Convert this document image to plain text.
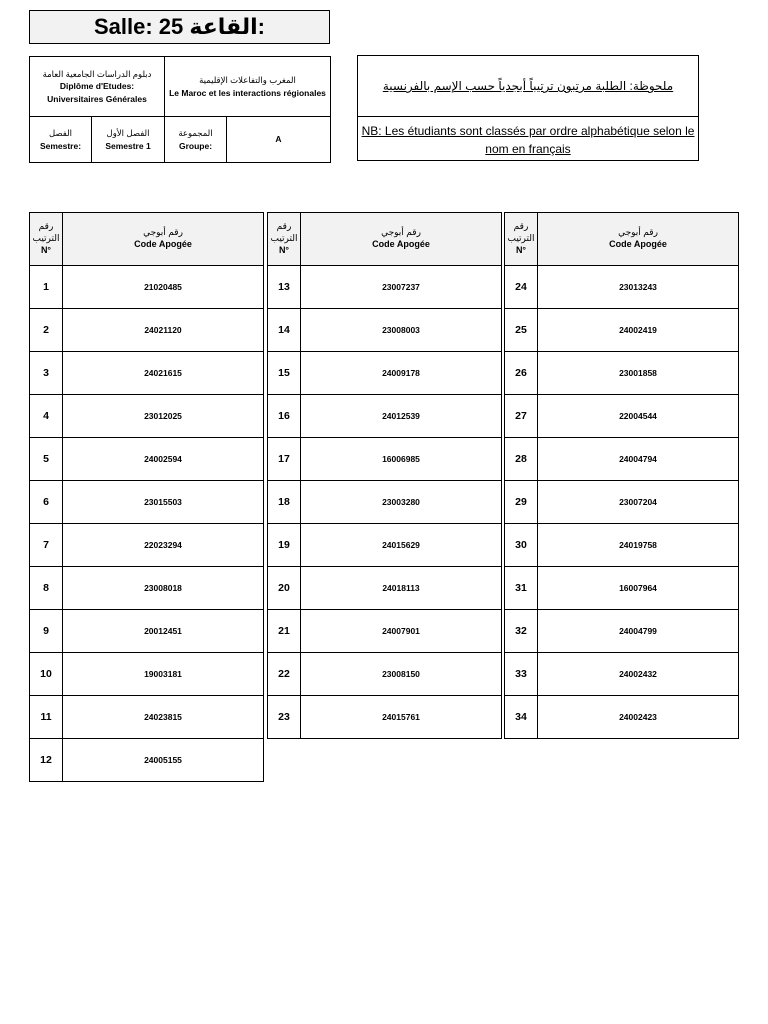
Salle: 25 القاعة:
دبلوم الدراسات الجامعية العامة
Diplôme d'Etudes: Universitaires Générales		المغرب والتفاعلات الإقليمية
Le Maroc et les interactions régionales	

الفصل
Semestre:	الفصل الأول
Semestre 1	المجموعة
Groupe:	A
ملحوظة: الطلبة مرتبون ترتيباً أبجدياً حسب الإسم بالفرنسية
NB: Les étudiants sont classés par ordre alphabétique selon le nom en français
رقم الترتيب
N°	رقم أبوجي
Code Apogée
1	21020485
2	24021120
3	24021615
4	23012025
5	24002594
6	23015503
7	22023294
8	23008018
9	20012451
10	19003181
11	24023815
12	24005155
رقم الترتيب
N°	رقم أبوجي
Code Apogée
13	23007237
14	23008003
15	24009178
16	24012539
17	16006985
18	23003280
19	24015629
20	24018113
21	24007901
22	23008150
23	24015761
رقم الترتيب
N°	رقم أبوجي
Code Apogée
24	23013243
25	24002419
26	23001858
27	22004544
28	24004794
29	23007204
30	24019758
31	16007964
32	24004799
33	24002432
34	24002423
